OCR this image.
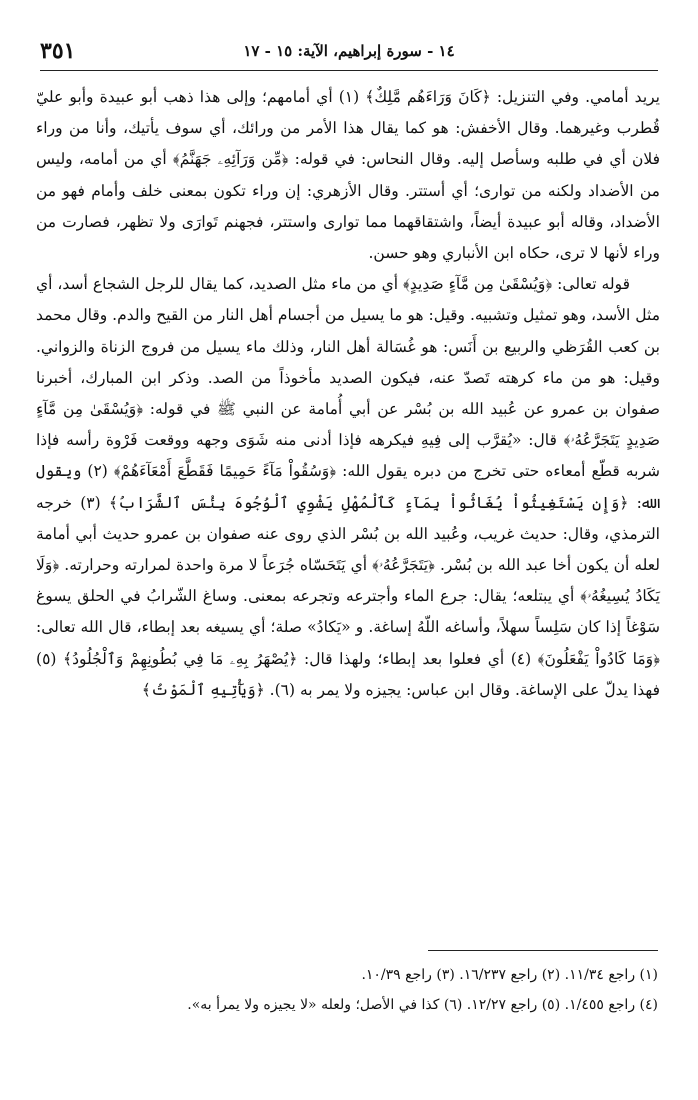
١٤ - سورة إبراهيم، الآية: ١٥ - ١٧
٣٥١

يريد أمامي. وفي التنزيل: ﴿كَانَ وَرَاءَهُم مَّلِكٌ﴾ (١) أي أمامهم؛ وإلى هذا ذهب أبو عبيدة وأبو عليّ قُطرب وغيرهما. وقال الأخفش: هو كما يقال هذا الأمر من ورائك، أي سوف يأتيك، وأنا من وراء فلان أي في طلبه وسأصل إليه. وقال النحاس: في قوله: ﴿مِّن وَرَآئِهِۦ جَهَنَّمُ﴾ أي من أمامه، وليس من الأضداد ولكنه من توارى؛ أي أستتر. وقال الأزهري: إن وراء تكون بمعنى خلف وأمام فهو من الأضداد، وقاله أبو عبيدة أيضاً، واشتقاقهما مما توارى واستتر، فجهنم تَوارَى ولا تظهر، فصارت من وراء لأنها لا ترى، حكاه ابن الأنباري وهو حسن.

قوله تعالى: ﴿وَيُسْقَىٰ مِن مَّآءٍ صَدِيدٍ﴾ أي من ماء مثل الصديد، كما يقال للرجل الشجاع أسد، أي مثل الأسد، وهو تمثيل وتشبيه. وقيل: هو ما يسيل من أجسام أهل النار من القيح والدم. وقال محمد بن كعب القُرَظي والربيع بن أَنَس: هو غُسَالة أهل النار، وذلك ماء يسيل من فروج الزناة والزواني. وقيل: هو من ماء كرهته تَصدّ عنه، فيكون الصديد مأخوذاً من الصد. وذكر ابن المبارك، أخبرنا صفوان بن عمرو عن عُبيد الله بن بُسْر عن أبي أُمامة عن النبي ﷺ في قوله: ﴿وَيُسْقَىٰ مِن مَّآءٍ صَدِيدٍ يَتَجَرَّعُهُۥ﴾ قال: «يُقرَّب إلى فِيهِ فيكرهه فإذا أدنى منه شَوَى وجهه ووقعت فَرْوة رأسه فإذا شربه قطّع أمعاءه حتى تخرج من دبره يقول الله: ﴿وَسُقُواْ مَآءً حَمِيمًا فَقَطَّعَ أَمْعَآءَهُمْ﴾ (٢) ويقول الله: ﴿وَإِن يَسْتَغِيثُواْ يُغَاثُواْ بِمَآءٍ كَٱلْمُهْلِ يَشْوِي ٱلْوُجُوهَ بِئْسَ ٱلشَّرَابُ﴾ (٣) خرجه الترمذي، وقال: حديث غريب، وعُبيد الله بن بُسْر الذي روى عنه صفوان بن عمرو حديث أبي أمامة لعله أن يكون أخا عبد الله بن بُسْر. ﴿يَتَجَرَّعُهُۥ﴾ أي يَتَحَسّاه جُرَعاً لا مرة واحدة لمرارته وحرارته. ﴿وَلَا يَكَادُ يُسِيغُهُۥ﴾ أي يبتلعه؛ يقال: جرع الماء وأجترعه وتجرعه بمعنى. وساغ الشّرابُ في الحلق يسوغ سَوْغاً إذا كان سَلِساً سهلاً، وأساغه اللّهُ إساغة. و «يَكادُ» صلة؛ أي يسيغه بعد إبطاء، قال الله تعالى: ﴿وَمَا كَادُواْ يَفْعَلُونَ﴾ (٤) أي فعلوا بعد إبطاء؛ ولهذا قال: ﴿يُصْهَرُ بِهِۦ مَا فِي بُطُونِهِمْ وَٱلْجُلُودُ﴾ (٥) فهذا يدلّ على الإساغة. وقال ابن عباس: يجيزه ولا يمر به (٦). ﴿وَيَأْتِيهِ ٱلْمَوْتُ﴾

(١) راجع ١١/٣٤. (٢) راجع ١٦/٢٣٧. (٣) راجع ١٠/٣٩.
(٤) راجع ١/٤٥٥. (٥) راجع ١٢/٢٧. (٦) كذا في الأصل؛ ولعله «لا يجيزه ولا يمرأ به».
